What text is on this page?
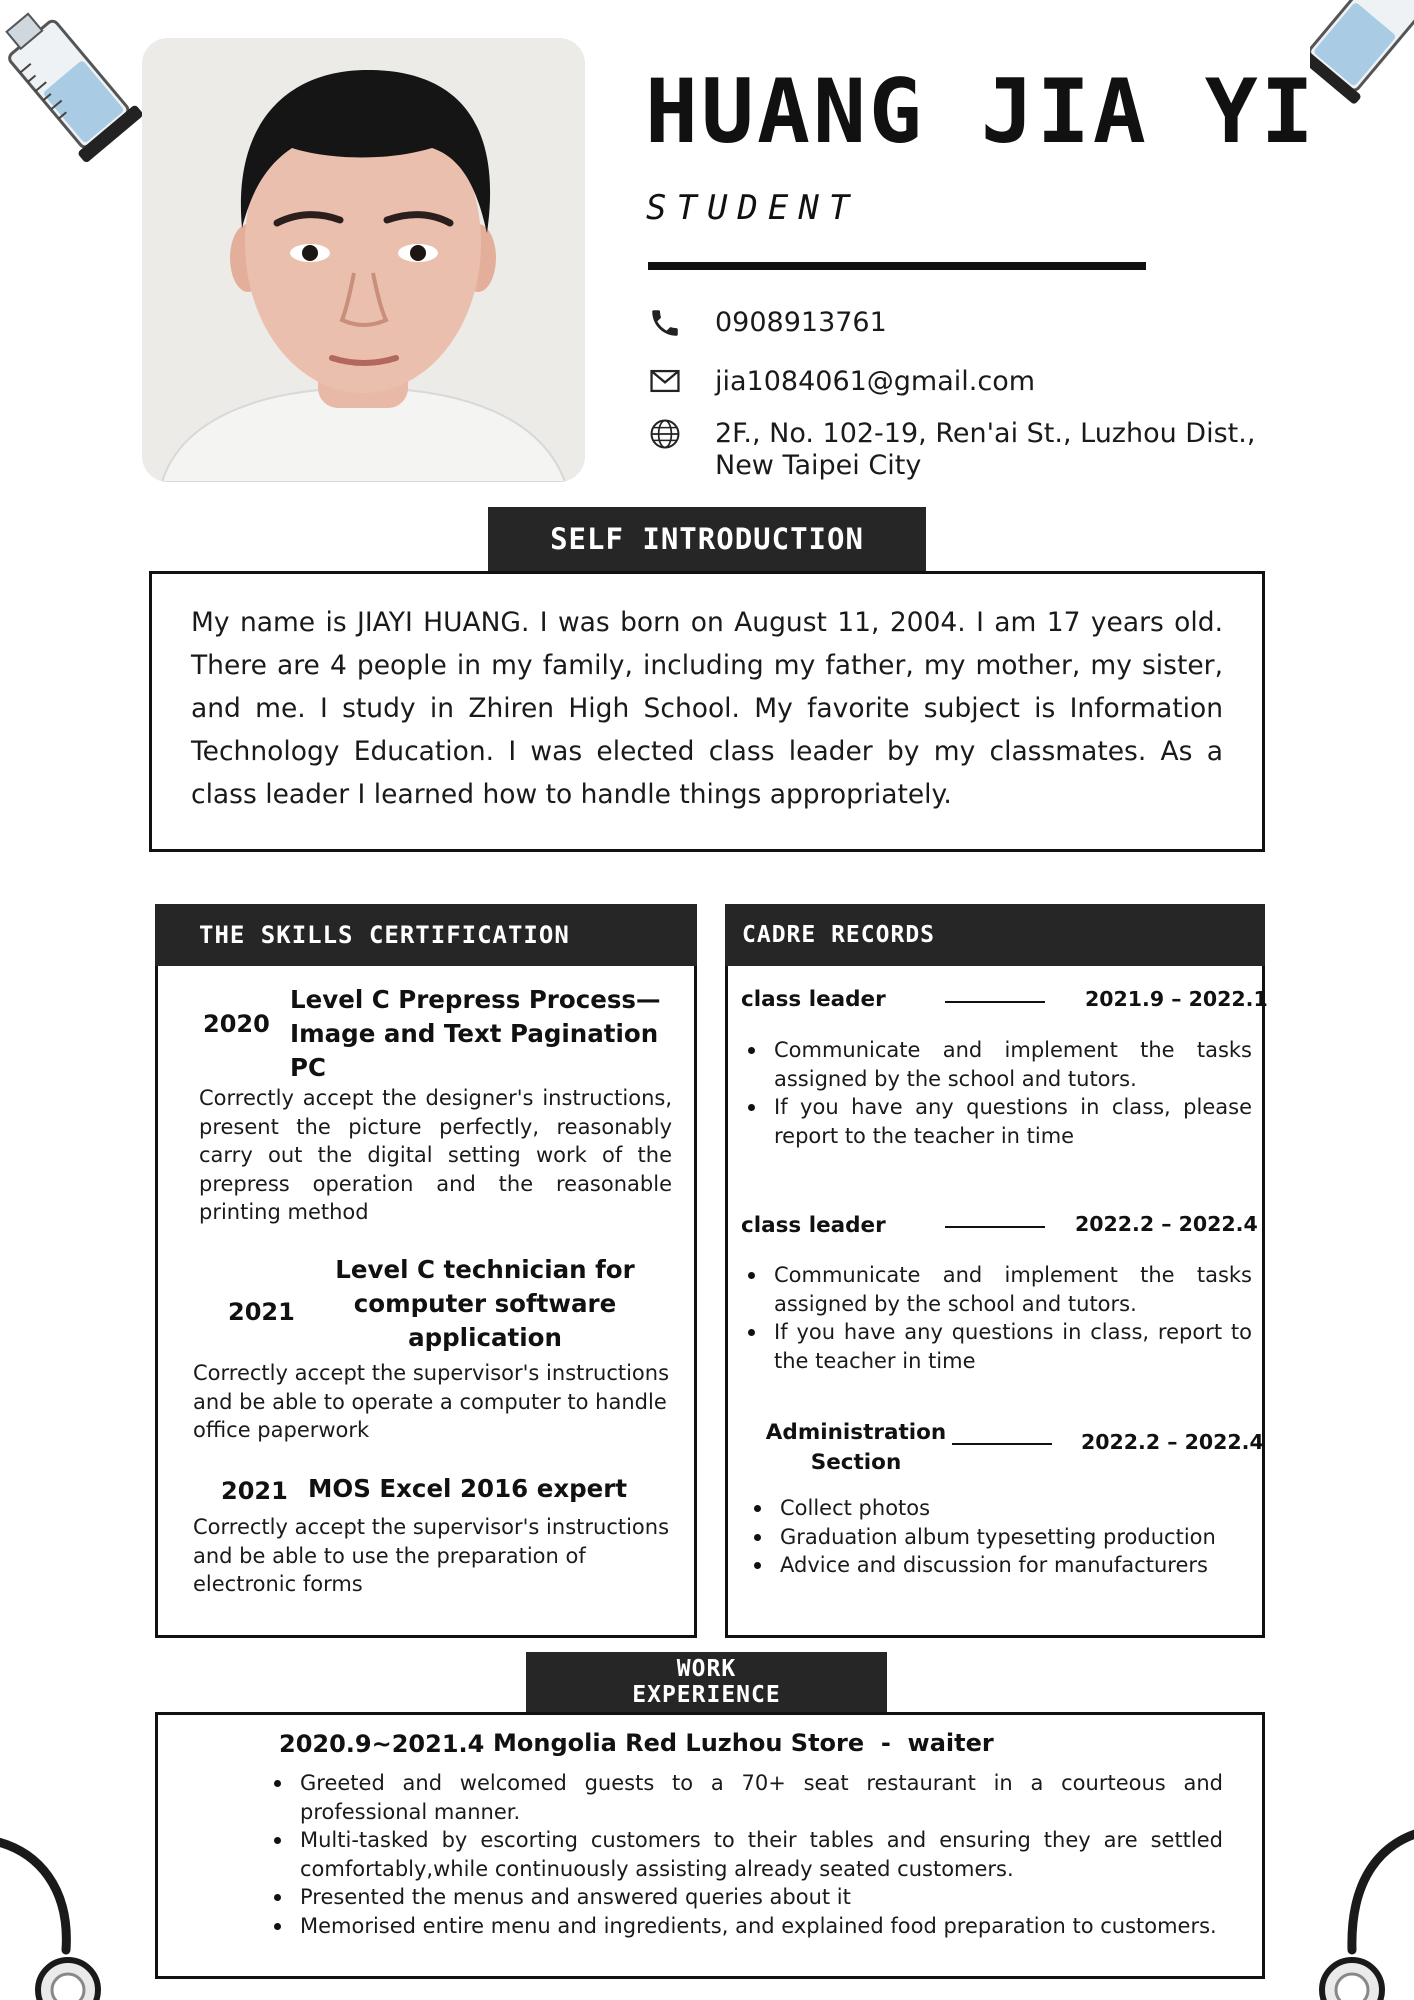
HUANG JIA YI
STUDENT
0908913761
jia1084061@gmail.com
2F., No. 102-19, Ren'ai St., Luzhou Dist.,
New Taipei City
SELF INTRODUCTION
My name is JIAYI HUANG. I was born on August 11, 2004. I am 17 years old. There are 4 people in my family, including my father, my mother, my sister, and me. I study in Zhiren High School. My favorite subject is Information Technology Education. I was elected class leader by my classmates. As a class leader I learned how to handle things appropriately.
THE SKILLS CERTIFICATION
2020
Level C Prepress Process—
Image and Text Pagination
PC
Correctly accept the designer's instructions, present the picture perfectly, reasonably carry out the digital setting work of the prepress operation and the reasonable printing method
2021
Level C technician for
computer software
application
Correctly accept the supervisor's instructions
and be able to operate a computer to handle
office paperwork
2021 MOS Excel 2016 expert
Correctly accept the supervisor's instructions
and be able to use the preparation of
electronic forms
CADRE RECORDS
class leader	2021.9 – 2022.1
Communicate and implement the tasks assigned by the school and tutors.
If you have any questions in class, please report to the teacher in time
class leader	2022.2 – 2022.4
Communicate and implement the tasks assigned by the school and tutors.
If you have any questions in class, report to the teacher in time
Administration
Section
2022.2 – 2022.4
Collect photos
Graduation album typesetting production
Advice and discussion for manufacturers
WORK
EXPERIENCE
2020.9~2021.4 Mongolia Red Luzhou Store  -  waiter
Greeted and welcomed guests to a 70+ seat restaurant in a courteous and professional manner.
Multi-tasked by escorting customers to their tables and ensuring they are settled comfortably,while continuously assisting already seated customers.
Presented the menus and answered queries about it
Memorised entire menu and ingredients, and explained food preparation to customers.
